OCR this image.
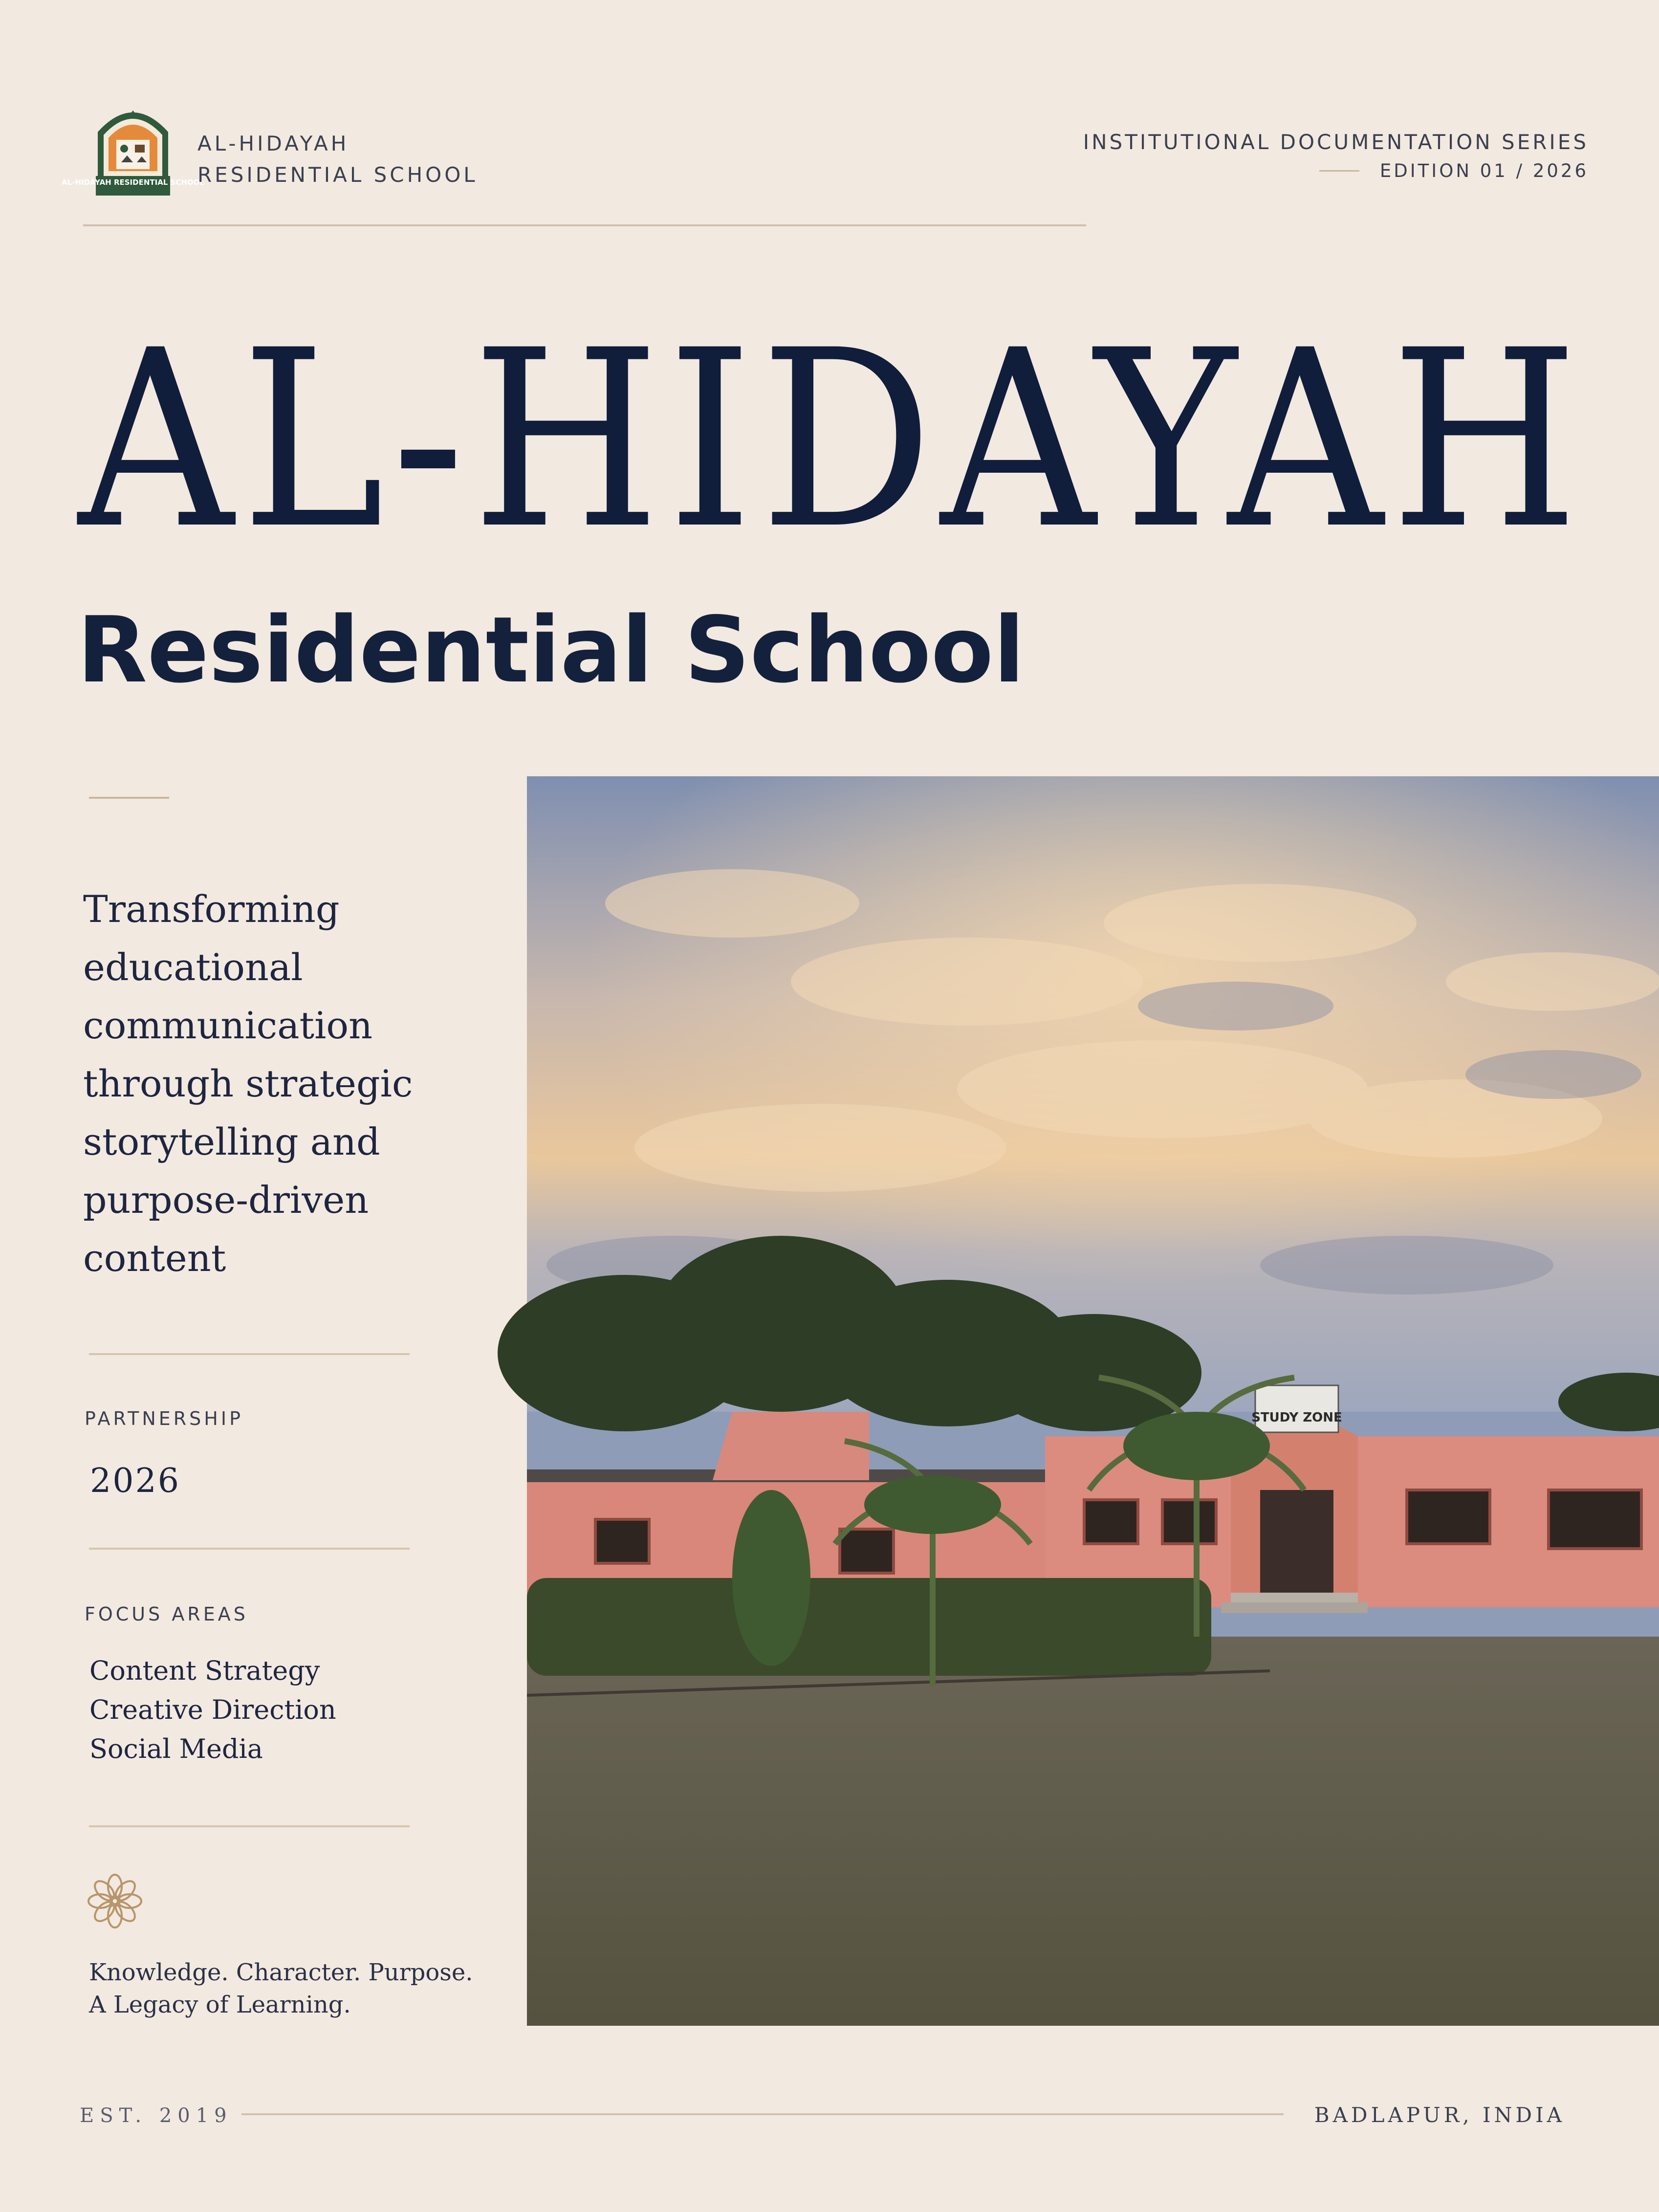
AL-HIDAYAH RESIDENTIAL SCHOOL
AL-HIDAYAH
RESIDENTIAL SCHOOL
INSTITUTIONAL DOCUMENTATION SERIES
EDITION 01 / 2026
AL-HIDAYAH
Residential School
Transforming
educational
communication
through strategic
storytelling and
purpose-driven
content
PARTNERSHIP
2026
FOCUS AREAS
Content Strategy
Creative Direction
Social Media
Knowledge. Character. Purpose.
A Legacy of Learning.
STUDY ZONE
EST. 2019	BADLAPUR, INDIA
